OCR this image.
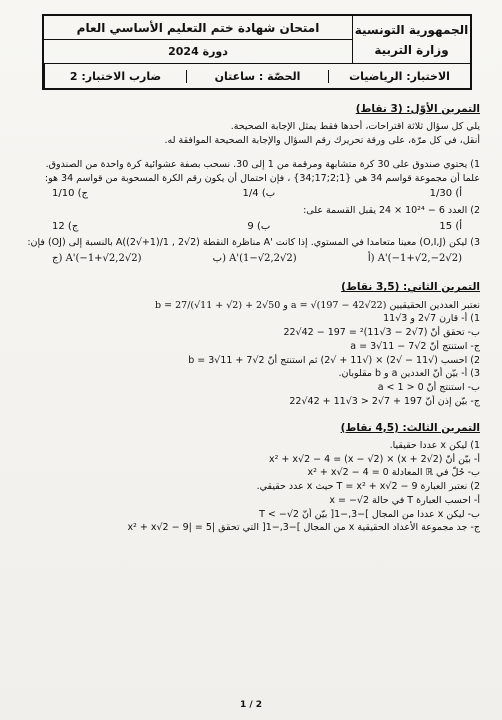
الجمهورية التونسية
وزارة التربية
امتحان شهادة ختم التعليم الأساسي العام
دورة 2024
الاختبار: الرياضيات
الحصّة : ساعتان
ضارب الاختبار: 2
التمرين الأوّل: (3 نقاط)
يلي كل سؤال ثلاثة اقتراحات، أحدها فقط يمثل الإجابة الصحيحة.
أنقل، في كل مرّة، على ورقة تحريرك رقم السؤال والإجابة الصحيحة الموافقة له.
1) يحتوي صندوق على 30 كرة متشابهة ومرقمة من 1 إلى 30. نسحب بصفة عشوائية كرة واحدة من الصندوق.
علما أن مجموعة قواسم 34 هي {1;2;17;34} ، فإن احتمال أن يكون رقم الكرة المسحوبة من قواسم 34 هو:
أ) 1/30
ب) 1/4
ج) 1/10
2) العدد 6 − 10²⁴ × 24 يقبل القسمة على:
أ) 15
ب) 9
ج) 12
3) ليكن (O,I,J) معينا متعامدا في المستوي. إذا كانت 'A مناظرة النقطة (2√2 , 1/(1+√2))A بالنسبة إلى (OJ) فإن:
أ) A'(−1+√2,−2√2)
ب) A'(1−√2,2√2)
ج) A'(−1+√2,2√2)
التمرين الثاني: (3,5 نقاط)
نعتبر العددين الحقيقيين a = √(197 − 42√22) و b = 27/(√11 + √2) + 2√50
1) أ- قارن 7√2 و 3√11
ب- تحقق أنّ (7√2 − 3√11)² = 197 − 42√22
ج- استنتج أنّ a = 3√11 − 7√2
2) احسب (√11 − √2) × (√11 + √2) ثم استنتج أنّ b = 3√11 + 7√2
3) أ- بيّن أنّ العددين a و b مقلوبان.
ب- استنتج أنّ 0 < a < 1
ج- بيّن إذن أنّ 197 + 7√2 < 3√11 + 42√22
التمرين الثالث: (4,5 نقاط)
1) ليكن x عددا حقيقيا.
أ- بيّن أنّ x² + x√2 − 4 = (x − √2) × (x + 2√2)
ب- حُلّ في ℝ المعادلة x² + x√2 − 4 = 0
2) نعتبر العبارة T = x² + x√2 − 9 حيث x عدد حقيقي.
أ- احسب العبارة T في حالة x = −√2
ب- ليكن x عددا من المجال ]−3,−1[ بيّن أنّ T < −√2
ج- جد مجموعة الأعداد الحقيقية x من المجال ]−3,−1[ التي تحقق |x² + x√2 − 9| = 5
2 / 1
